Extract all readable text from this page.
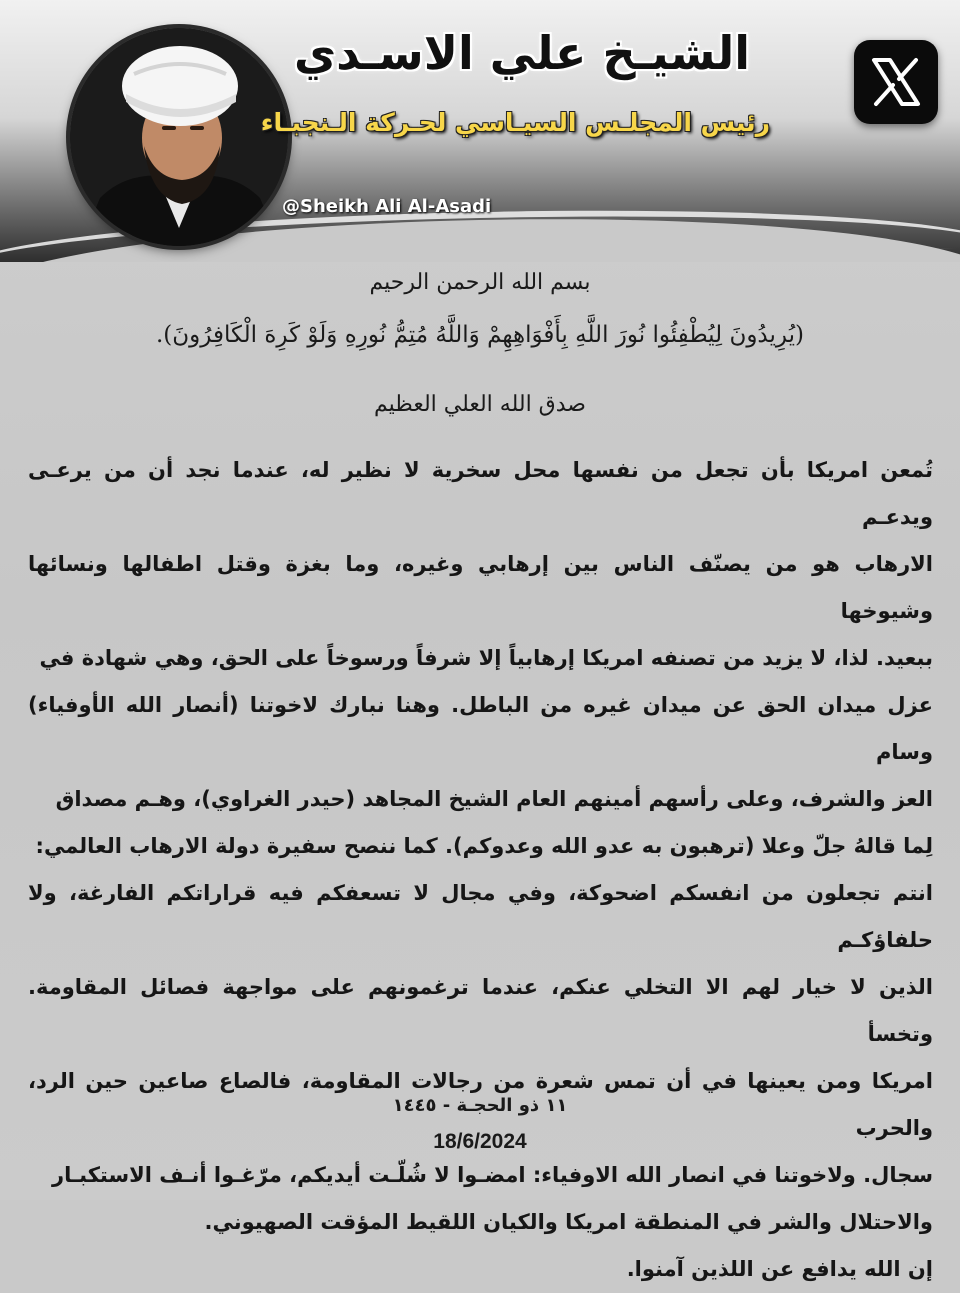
الشيـخ علي الاسـدي
رئيس المجلـس السيـاسي لحـركة الـنجبـاء
@Sheikh Ali Al-Asadi
بسم الله الرحمن الرحيم
(يُرِيدُونَ لِيُطْفِئُوا نُورَ اللَّهِ بِأَفْوَاهِهِمْ وَاللَّهُ مُتِمُّ نُورِهِ وَلَوْ كَرِهَ الْكَافِرُونَ).
صدق الله العلي العظيم
تُمعن امريكا بأن تجعل من نفسها محل سخرية لا نظير له، عندما نجد أن من يرعـى ويدعـم
الارهاب هو من يصنّف الناس بين إرهابي وغيره، وما بغزة وقتل اطفالها ونسائها وشيوخها
ببعيد. لذا، لا يزيد من تصنفه امريكا إرهابياً إلا شرفاً ورسوخاً على الحق، وهي شهادة في
عزل ميدان الحق عن ميدان غيره من الباطل. وهنا نبارك لاخوتنا (أنصار الله الأوفياء) وسام
العز والشرف، وعلى رأسهم أمينهم العام الشيخ المجاهد (حيدر الغراوي)، وهـم مصداق
لِما قالهُ جلّ وعلا (ترهبون به عدو الله وعدوكم). كما ننصح سفيرة دولة الارهاب العالمي:
انتم تجعلون من انفسكم اضحوكة، وفي مجال لا تسعفكم فيه قراراتكم الفارغة، ولا حلفاؤكـم
الذين لا خيار لهم الا التخلي عنكم، عندما ترغمونهم على مواجهة فصائل المقاومة. وتخسأ
امريكا ومن يعينها في أن تمس شعرة من رجالات المقاومة، فالصاع صاعين حين الرد، والحرب
سجال. ولاخوتنا في انصار الله الاوفياء: امضـوا لا شُلّـت أيديكم، مرّغـوا أنـف الاستكبـار
والاحتلال والشر في المنطقة امريكا والكيان اللقيط المؤقت الصهيوني.
إن الله يدافع عن اللذين آمنوا.
١١ ذو الحجـة - ١٤٤٥
18/6/2024
